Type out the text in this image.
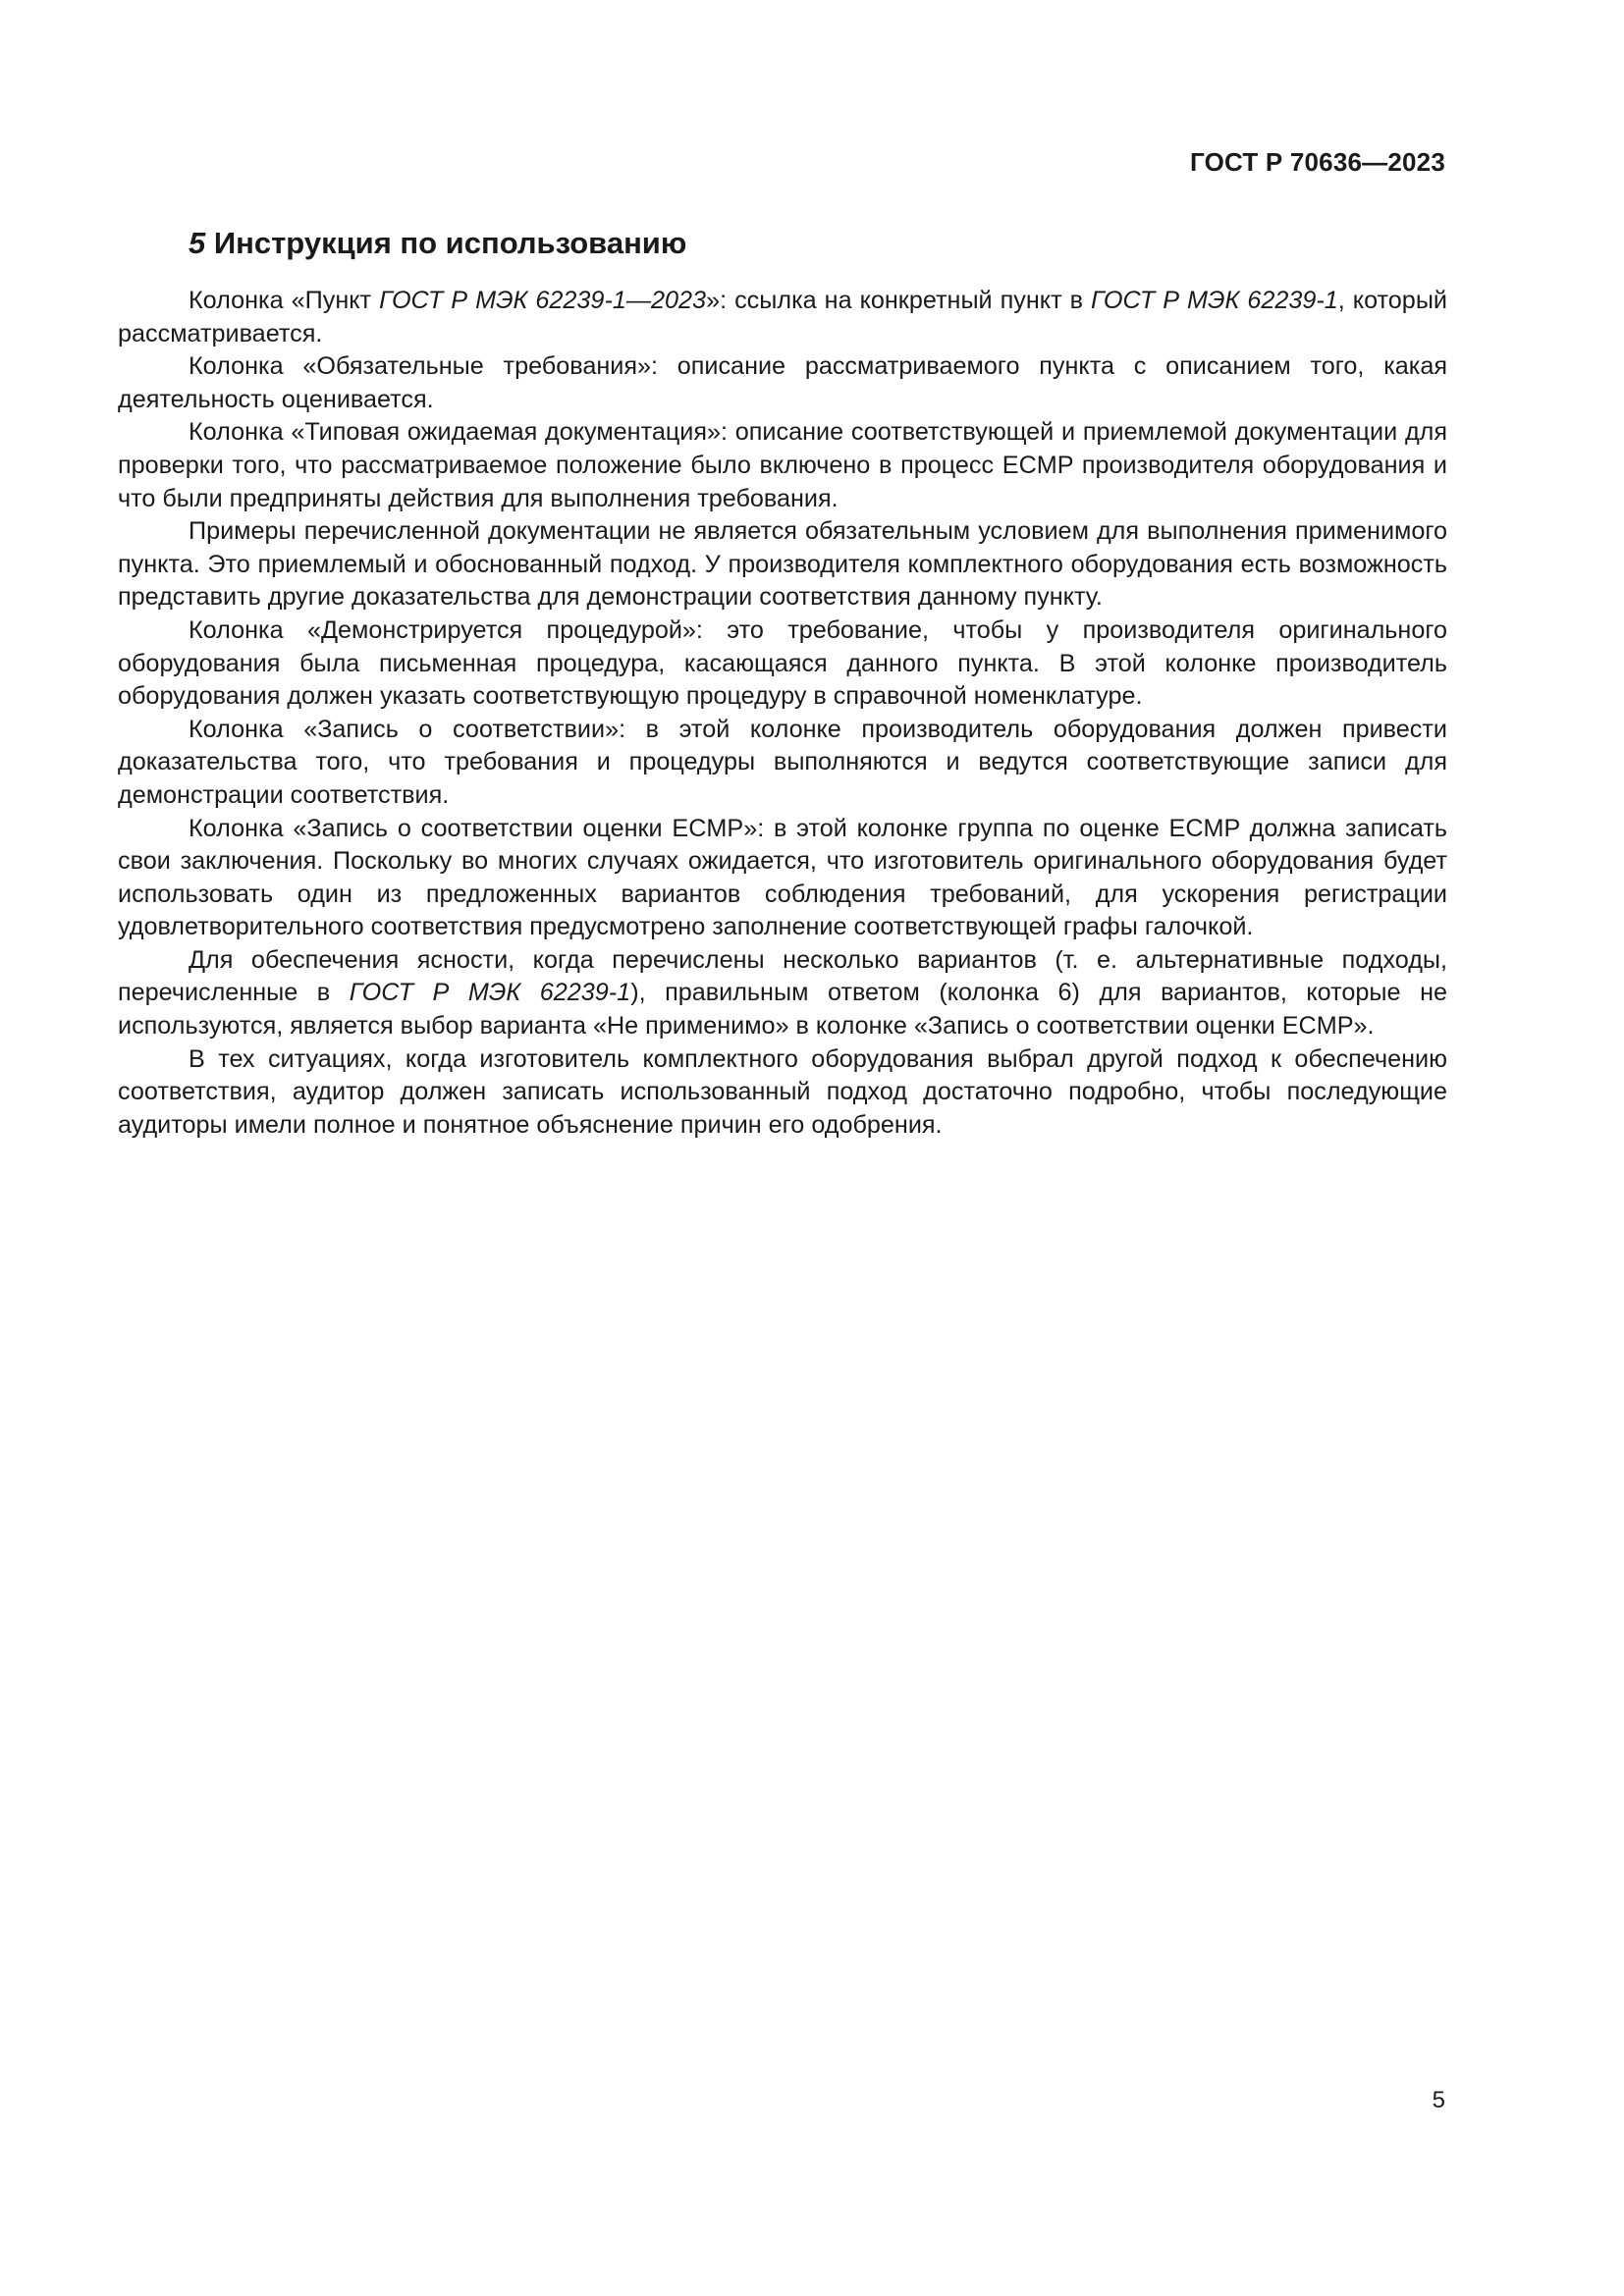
ГОСТ Р 70636—2023
5 Инструкция по использованию

Колонка «Пункт ГОСТ Р МЭК 62239-1—2023»: ссылка на конкретный пункт в ГОСТ Р МЭК 62239-1, который рассматривается.

Колонка «Обязательные требования»: описание рассматриваемого пункта с описанием того, какая деятельность оценивается.

Колонка «Типовая ожидаемая документация»: описание соответствующей и приемлемой документации для проверки того, что рассматриваемое положение было включено в процесс ECMP производителя оборудования и что были предприняты действия для выполнения требования.

Примеры перечисленной документации не является обязательным условием для выполнения применимого пункта. Это приемлемый и обоснованный подход. У производителя комплектного оборудования есть возможность представить другие доказательства для демонстрации соответствия данному пункту.

Колонка «Демонстрируется процедурой»: это требование, чтобы у производителя оригинального оборудования была письменная процедура, касающаяся данного пункта. В этой колонке производитель оборудования должен указать соответствующую процедуру в справочной номенклатуре.

Колонка «Запись о соответствии»: в этой колонке производитель оборудования должен привести доказательства того, что требования и процедуры выполняются и ведутся соответствующие записи для демонстрации соответствия.

Колонка «Запись о соответствии оценки ECMP»: в этой колонке группа по оценке ECMP должна записать свои заключения. Поскольку во многих случаях ожидается, что изготовитель оригинального оборудования будет использовать один из предложенных вариантов соблюдения требований, для ускорения регистрации удовлетворительного соответствия предусмотрено заполнение соответствующей графы галочкой.

Для обеспечения ясности, когда перечислены несколько вариантов (т. е. альтернативные подходы, перечисленные в ГОСТ Р МЭК 62239-1), правильным ответом (колонка 6) для вариантов, которые не используются, является выбор варианта «Не применимо» в колонке «Запись о соответствии оценки ECMP».

В тех ситуациях, когда изготовитель комплектного оборудования выбрал другой подход к обеспечению соответствия, аудитор должен записать использованный подход достаточно подробно, чтобы последующие аудиторы имели полное и понятное объяснение причин его одобрения.

5
